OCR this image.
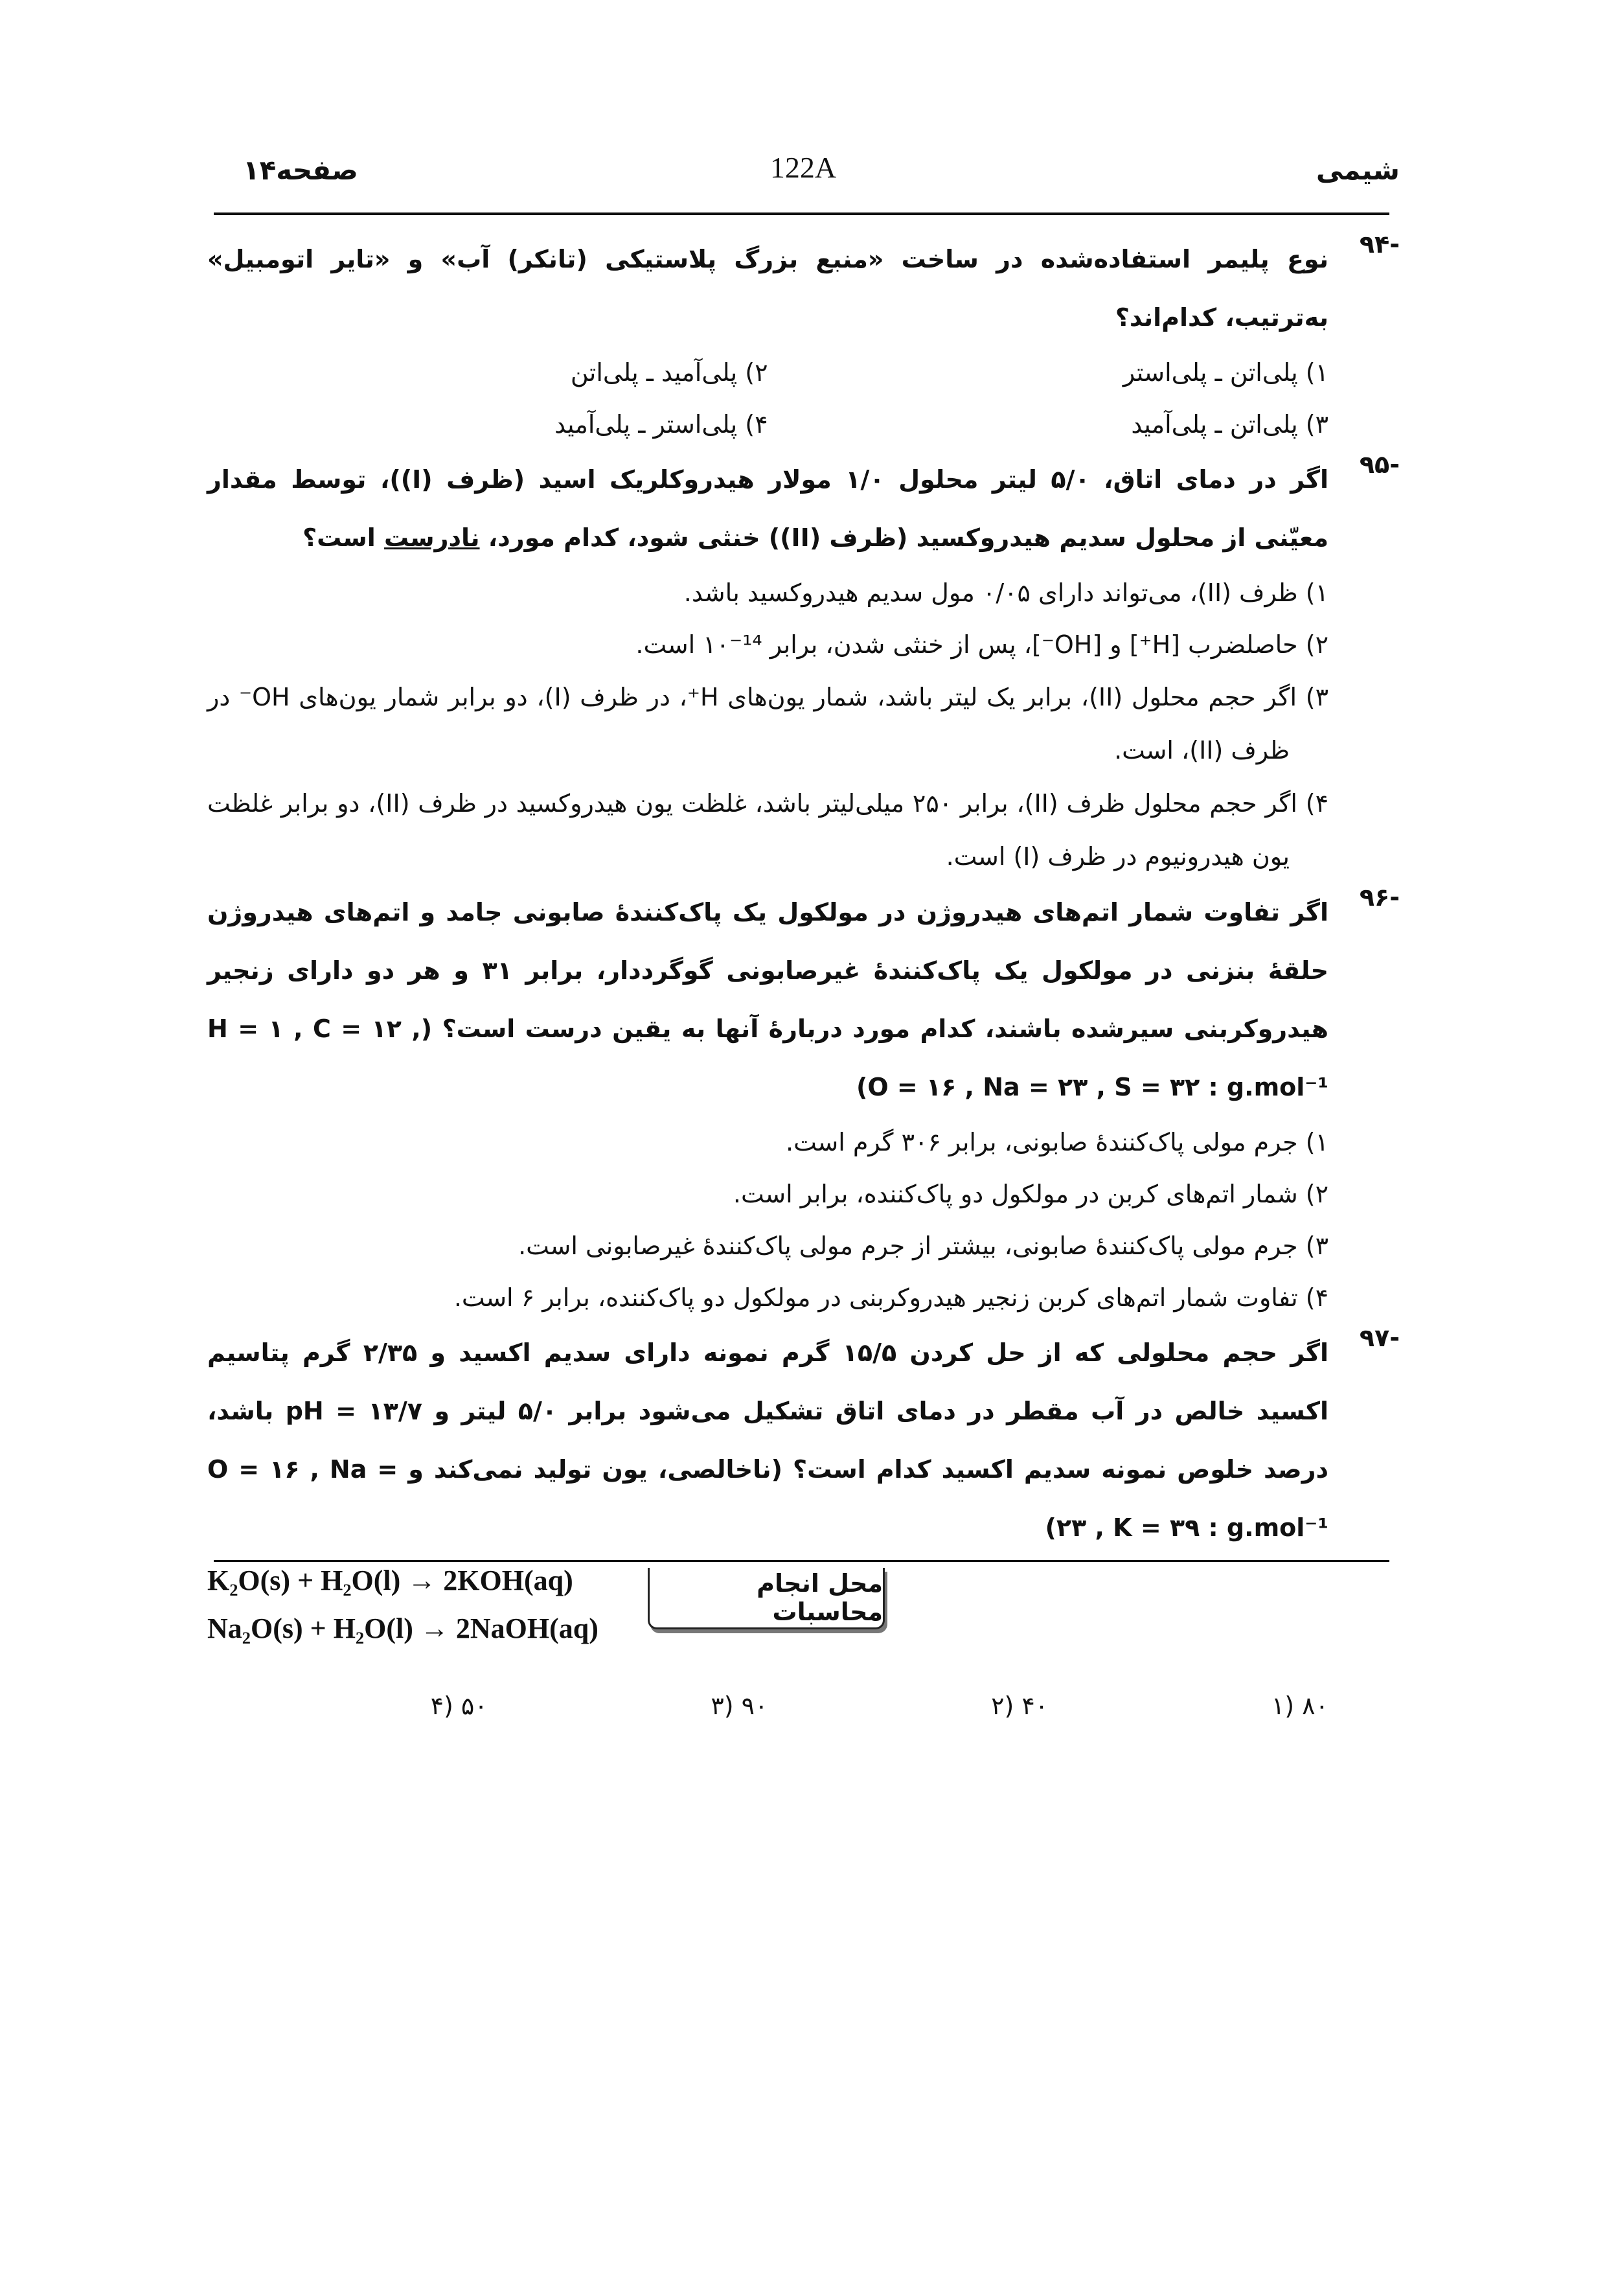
شیمی
122A
صفحه۱۴
-۹۴
نوع پلیمر استفاده‌شده در ساخت «منبع بزرگ پلاستیکی (تانکر) آب» و «تایر اتومبیل» به‌ترتیب، کدام‌اند؟
۱) پلی‌اتن ـ پلی‌استر
۲) پلی‌آمید ـ پلی‌اتن
۳) پلی‌اتن ـ پلی‌آمید
۴) پلی‌استر ـ پلی‌آمید
-۹۵
اگر در دمای اتاق، ۵/۰ لیتر محلول ۱/۰ مولار هیدروکلریک اسید (ظرف (I))، توسط مقدار معیّنی از محلول سدیم هیدروکسید (ظرف (II)) خنثی شود، کدام مورد، نادرست است؟
۱) ظرف (II)، می‌تواند دارای ۰/۰۵ مول سدیم هیدروکسید باشد.
۲) حاصلضرب [H⁺] و [OH⁻]، پس از خنثی شدن، برابر ¹⁴⁻۱۰ است.
۳) اگر حجم محلول (II)، برابر یک لیتر باشد، شمار یون‌های H⁺، در ظرف (I)، دو برابر شمار یون‌های OH⁻ در ظرف (II)، است.
۴) اگر حجم محلول ظرف (II)، برابر ۲۵۰ میلی‌لیتر باشد، غلظت یون هیدروکسید در ظرف (II)، دو برابر غلظت یون هیدرونیوم در ظرف (I) است.
-۹۶
اگر تفاوت شمار اتم‌های هیدروژن در مولکول یک پاک‌کنندهٔ صابونی جامد و اتم‌های هیدروژن حلقهٔ بنزنی در مولکول یک پاک‌کنندهٔ غیرصابونی گوگرددار، برابر ۳۱ و هر دو دارای زنجیر هیدروکربنی سیرشده باشند، کدام مورد دربارهٔ آنها به یقین درست است؟ (H = ۱ , C = ۱۲ , O = ۱۶ , Na = ۲۳ , S = ۳۲ : g.mol⁻¹)
۱) جرم مولی پاک‌کنندهٔ صابونی، برابر ۳۰۶ گرم است.
۲) شمار اتم‌های کربن در مولکول دو پاک‌کننده، برابر است.
۳) جرم مولی پاک‌کنندهٔ صابونی، بیشتر از جرم مولی پاک‌کنندهٔ غیرصابونی است.
۴) تفاوت شمار اتم‌های کربن زنجیر هیدروکربنی در مولکول دو پاک‌کننده، برابر ۶ است.
-۹۷
اگر حجم محلولی که از حل کردن ۱۵/۵ گرم نمونه دارای سدیم اکسید و ۲/۳۵ گرم پتاسیم اکسید خالص در آب مقطر در دمای اتاق تشکیل می‌شود برابر ۵/۰ لیتر و pH = ۱۳/۷ باشد، درصد خلوص نمونه سدیم اکسید کدام است؟ (ناخالصی، یون تولید نمی‌کند و O = ۱۶ , Na = ۲۳ , K = ۳۹ : g.mol⁻¹)
K₂O(s) + H₂O(l) → 2KOH(aq)
Na₂O(s) + H₂O(l) → 2NaOH(aq)
۸۰ (۱
۴۰ (۲
۹۰ (۳
۵۰ (۴
محل انجام محاسبات
